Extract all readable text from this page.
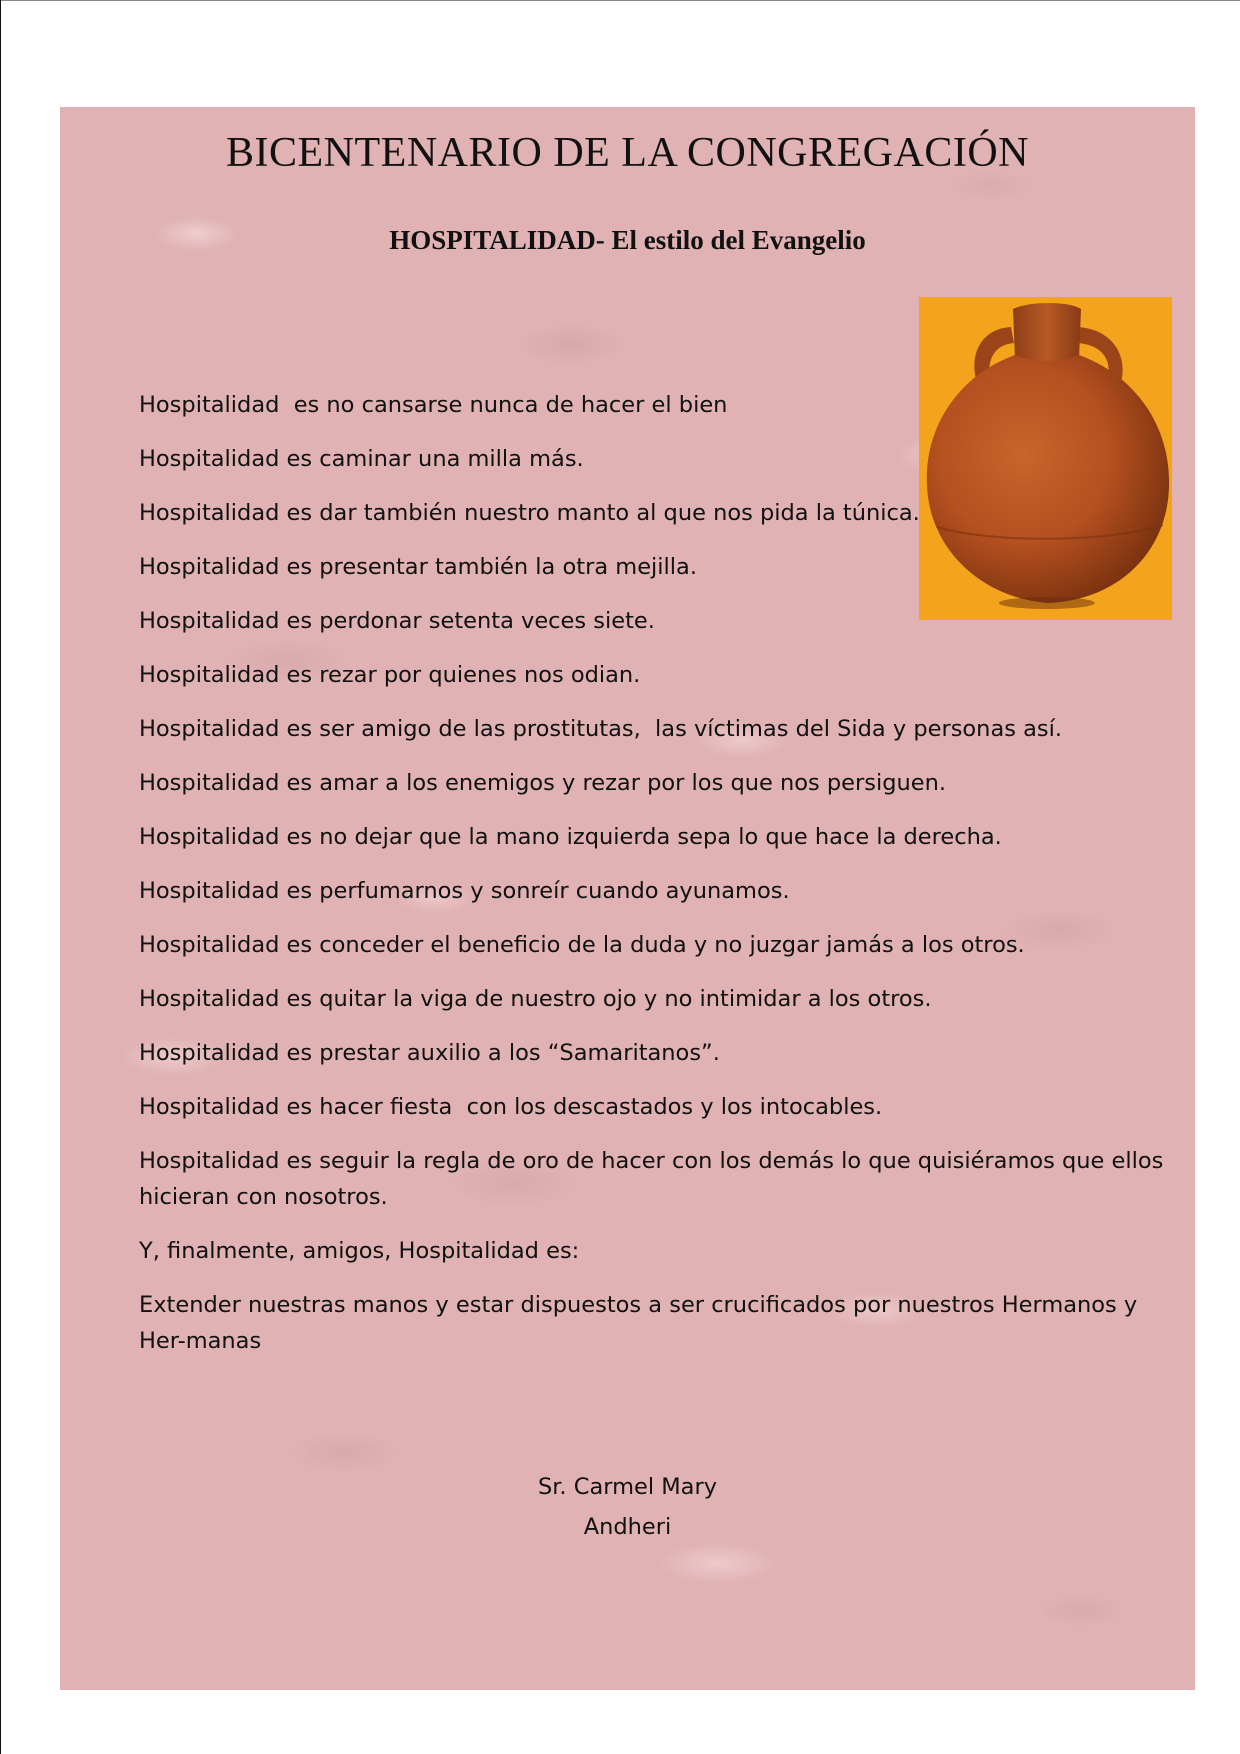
BICENTENARIO DE LA CONGREGACIÓN
HOSPITALIDAD- El estilo del Evangelio

Hospitalidad  es no cansarse nunca de hacer el bien

Hospitalidad es caminar una milla más.

Hospitalidad es dar también nuestro manto al que nos pida la túnica.

Hospitalidad es presentar también la otra mejilla.

Hospitalidad es perdonar setenta veces siete.

Hospitalidad es rezar por quienes nos odian.

Hospitalidad es ser amigo de las prostitutas,  las víctimas del Sida y personas así.

Hospitalidad es amar a los enemigos y rezar por los que nos persiguen.

Hospitalidad es no dejar que la mano izquierda sepa lo que hace la derecha.

Hospitalidad es perfumarnos y sonreír cuando ayunamos.

Hospitalidad es conceder el beneficio de la duda y no juzgar jamás a los otros.

Hospitalidad es quitar la viga de nuestro ojo y no intimidar a los otros.

Hospitalidad es prestar auxilio a los “Samaritanos”.

Hospitalidad es hacer fiesta  con los descastados y los intocables.

Hospitalidad es seguir la regla de oro de hacer con los demás lo que quisiéramos que ellos hicieran con nosotros.

Y, finalmente, amigos, Hospitalidad es:

Extender nuestras manos y estar dispuestos a ser crucificados por nuestros Hermanos y Her-manas

Sr. Carmel Mary
Andheri
